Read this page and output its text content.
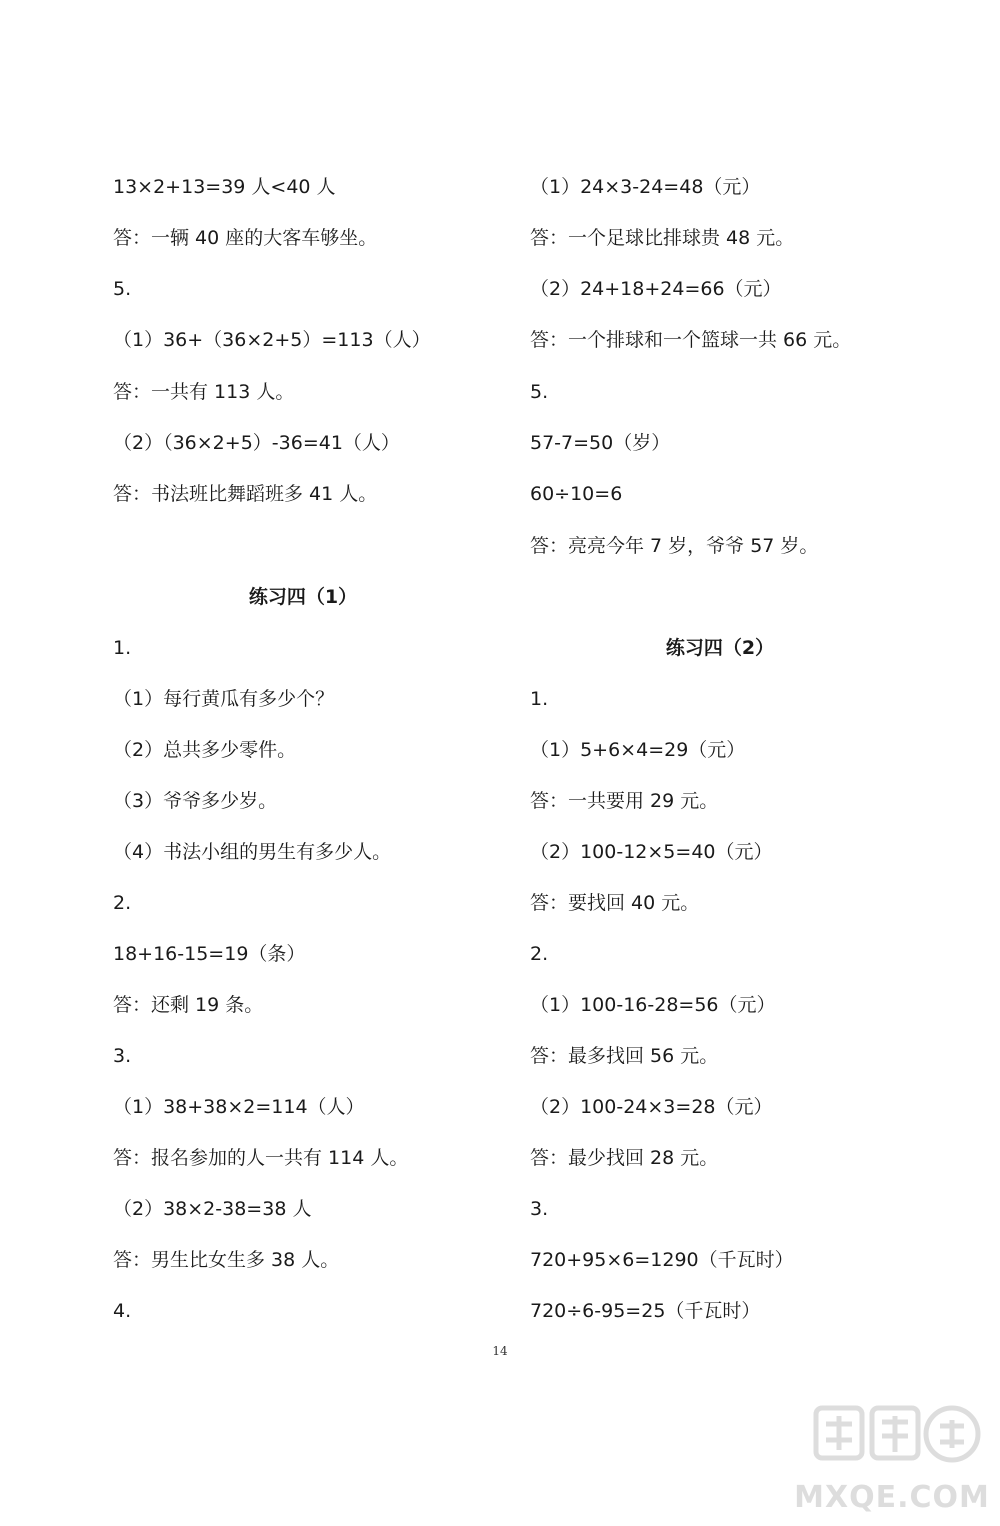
13×2+13=39 人<40 人
答：一辆 40 座的大客车够坐。
5.
（1）36+（36×2+5）=113（人）
答：一共有 113 人。
（2）（36×2+5）-36=41（人）
答：书法班比舞蹈班多 41 人。
练习四（1）
1.
（1）每行黄瓜有多少个？
（2）总共多少零件。
（3）爷爷多少岁。
（4）书法小组的男生有多少人。
2.
18+16-15=19（条）
答：还剩 19 条。
3.
（1）38+38×2=114（人）
答：报名参加的人一共有 114 人。
（2）38×2-38=38 人
答：男生比女生多 38 人。
4.
（1）24×3-24=48（元）
答：一个足球比排球贵 48 元。
（2）24+18+24=66（元）
答：一个排球和一个篮球一共 66 元。
5.
57-7=50（岁）
60÷10=6
答：亮亮今年 7 岁，爷爷 57 岁。
练习四（2）
1.
（1）5+6×4=29（元）
答：一共要用 29 元。
（2）100-12×5=40（元）
答：要找回 40 元。
2.
（1）100-16-28=56（元）
答：最多找回 56 元。
（2）100-24×3=28（元）
答：最少找回 28 元。
3.
720+95×6=1290（千瓦时）
720÷6-95=25（千瓦时）
14
MXQE.COM
